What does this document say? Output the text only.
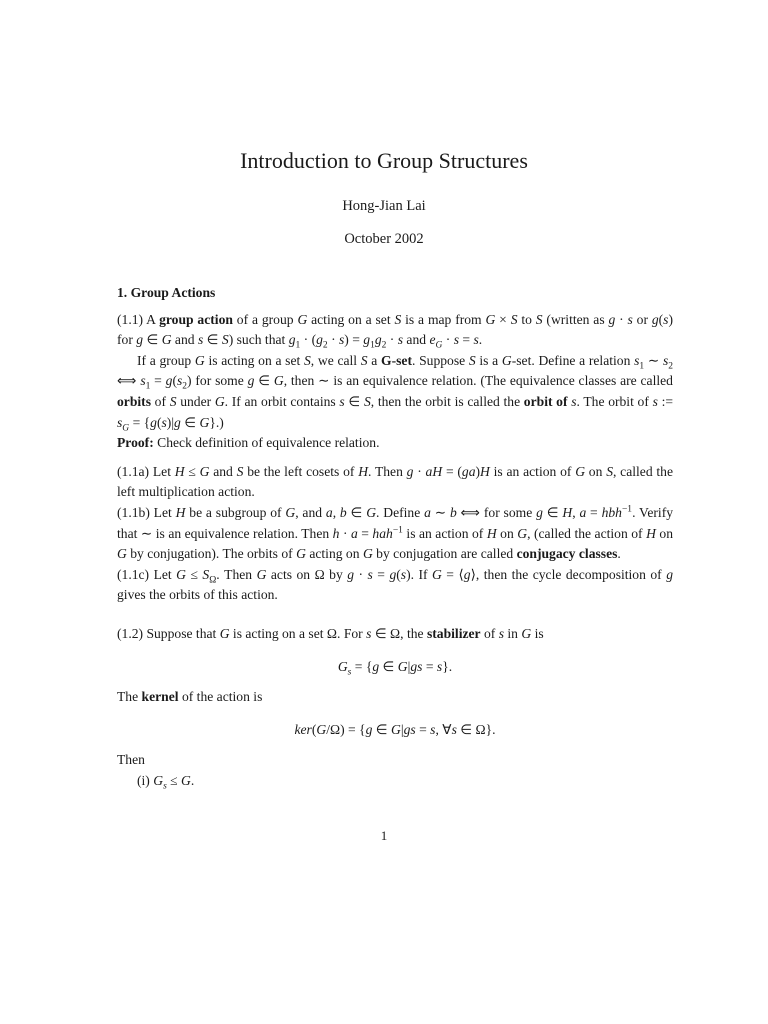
Introduction to Group Structures
Hong-Jian Lai
October 2002

1. Group Actions

(1.1) A group action of a group G acting on a set S is a map from G × S to S (written as g · s or g(s) for g ∈ G and s ∈ S) such that $g_1 \cdot (g_2 \cdot s) = g_1g_2 \cdot s$ and $e_G \cdot s = s$.

If a group G is acting on a set S, we call S a G-set. Suppose S is a G-set. Define a relation $s_1$ ∼ $s_2$ ⟺ $s_1 = g(s_2)$ for some g ∈ G, then ∼ is an equivalence relation. (The equivalence classes are called orbits of S under G. If an orbit contains s ∈ S, then the orbit is called the orbit of s. The orbit of s := $s_G = \{g(s)|g$ ∈ G}.)

Proof: Check definition of equivalence relation.

(1.1a) Let H ≤ G and S be the left cosets of H. Then g · aH = (ga)H is an action of G on S, called the left multiplication action.

(1.1b) Let H be a subgroup of G, and a, b ∈ G. Define a ∼ b ⟺ for some g ∈ H, a = hbh$^{-1}$. Verify that ∼ is an equivalence relation. Then h · a = hah$^{-1}$ is an action of H on G, (called the action of H on G by conjugation). The orbits of G acting on G by conjugation are called conjugacy classes.

(1.1c) Let $G \le S_\Omega$. Then G acts on Ω by g · s = g(s). If G = ⟨g⟩, then the cycle decomposition of g gives the orbits of this action.

(1.2) Suppose that G is acting on a set Ω. For s ∈ Ω, the stabilizer of s in G is

$G_s = \{g$ ∈ G|gs = s}.

The kernel of the action is

ker(G/Ω) = {g ∈ G|gs = s, ∀s ∈ Ω}.

Then

(i) $G_s \le G$.

1
